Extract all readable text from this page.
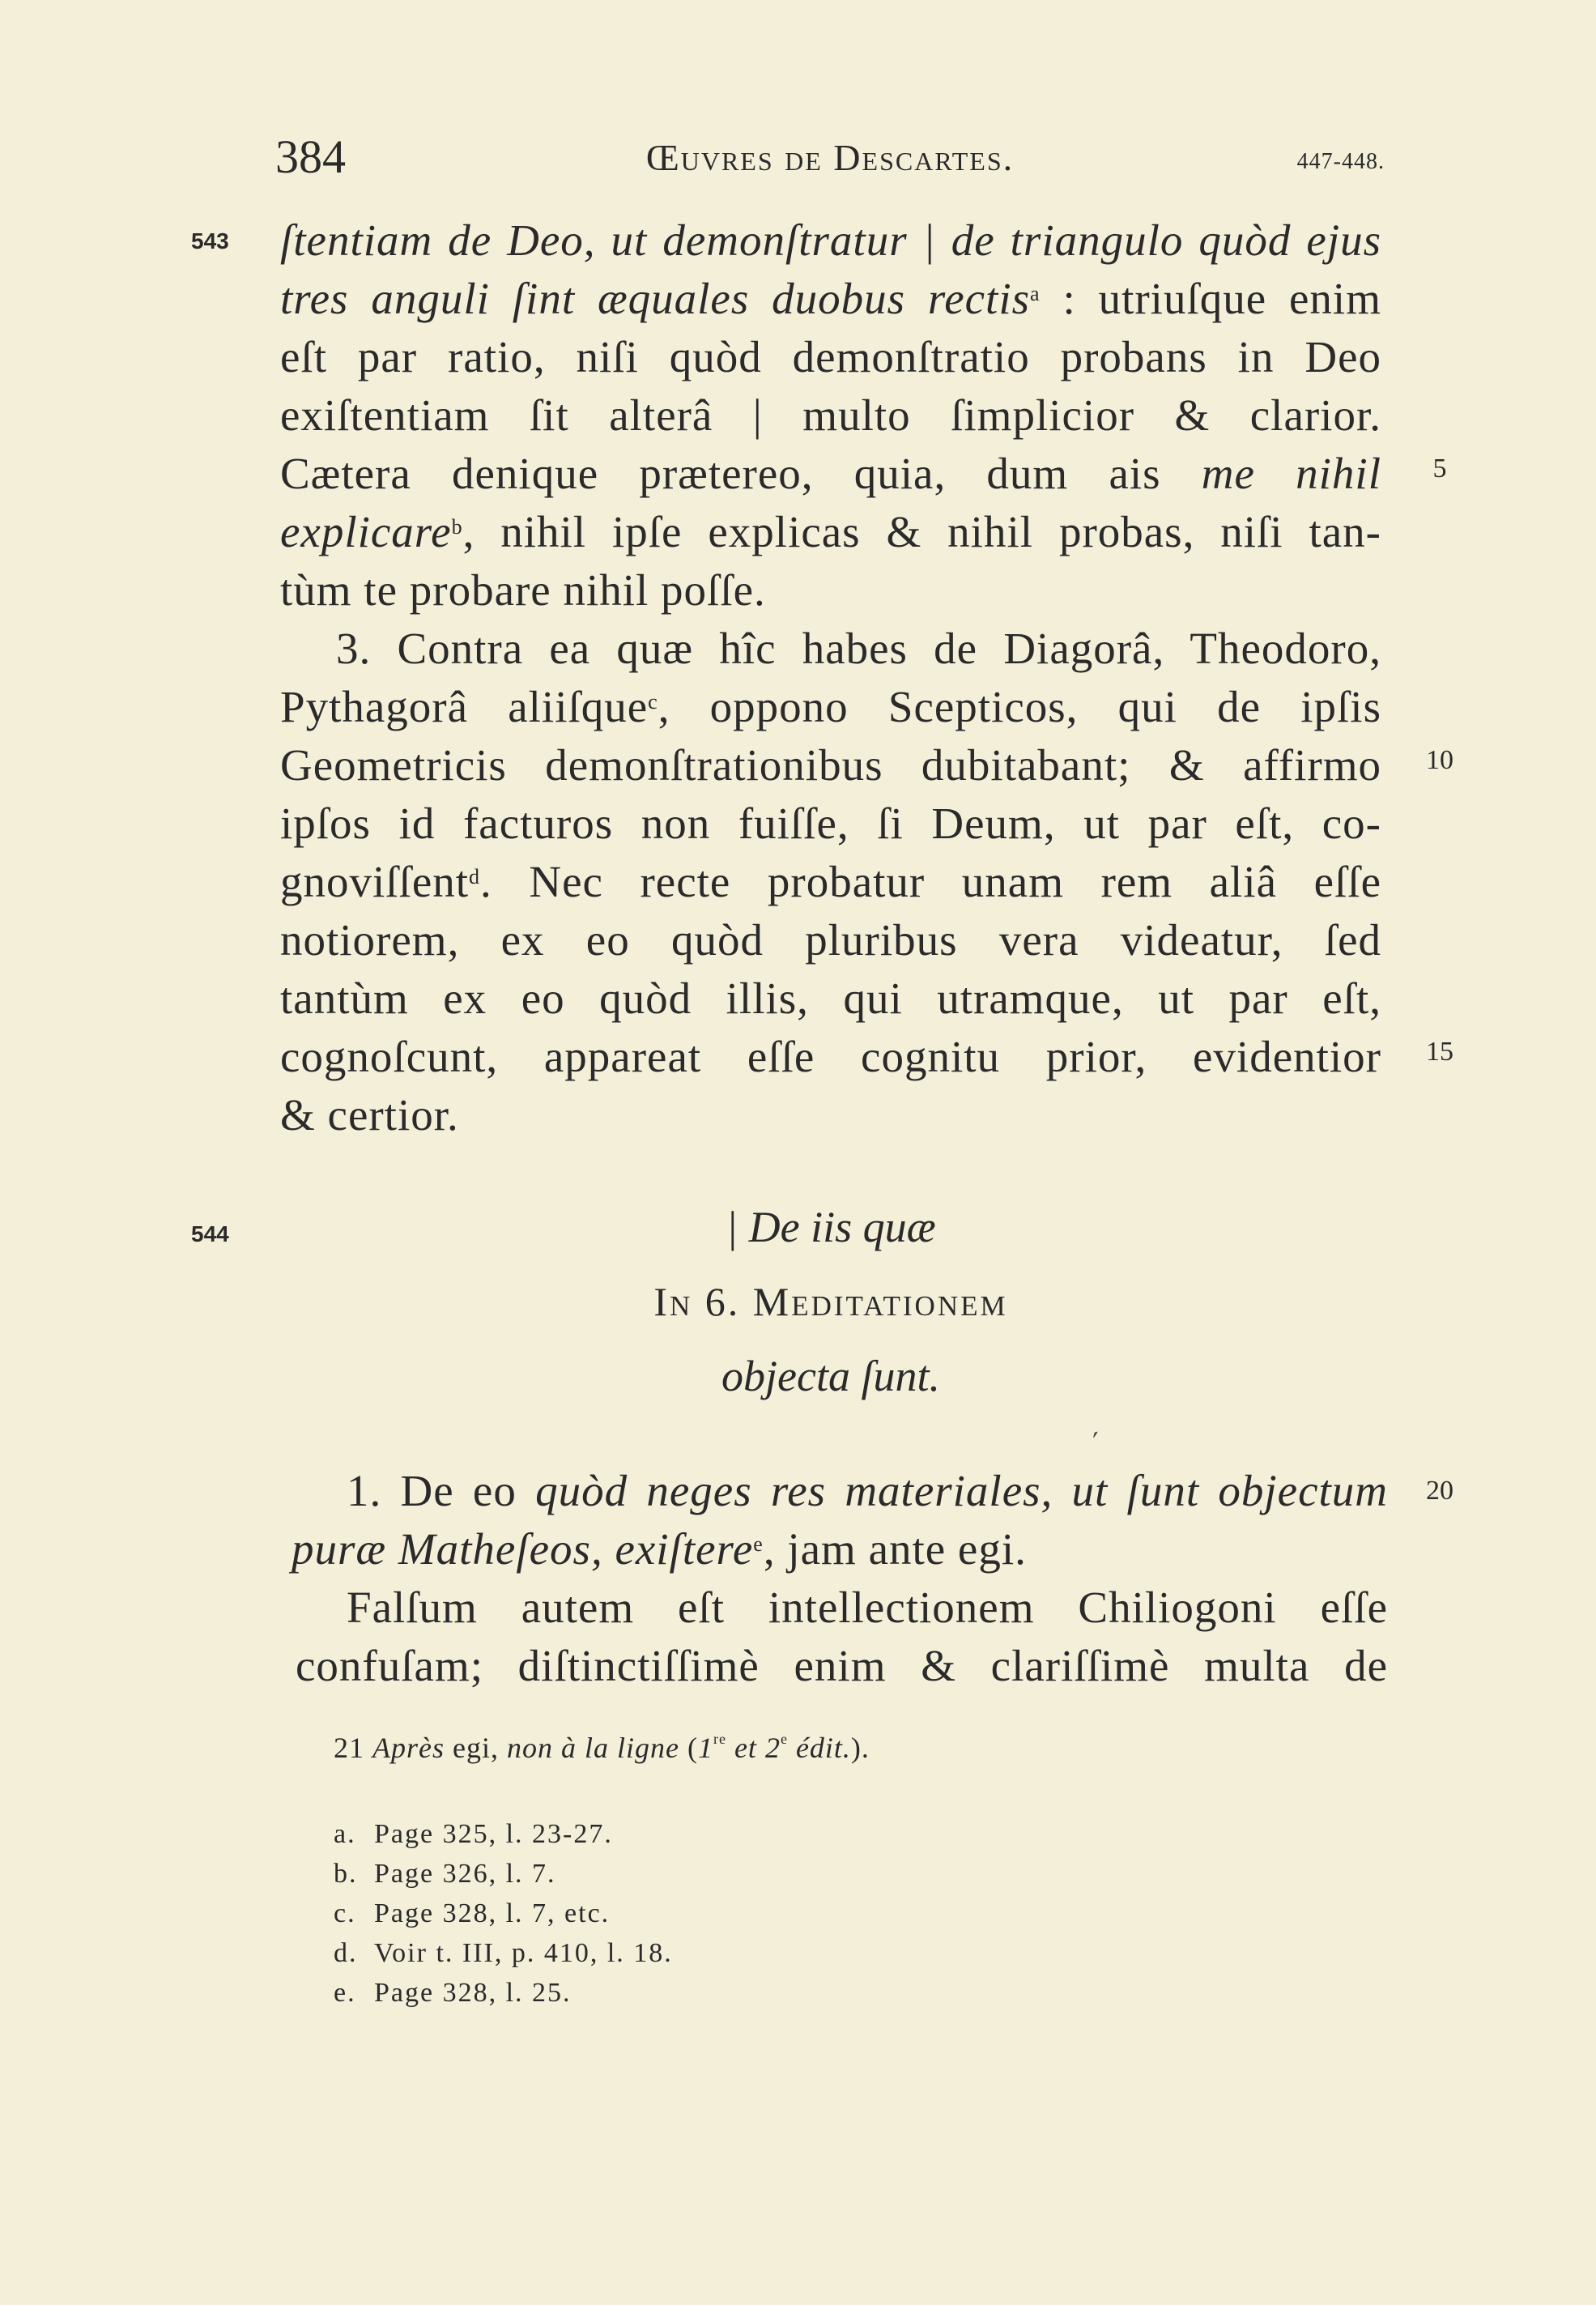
384	Œuvres de Descartes.	447-448.
543 ſtentiam de Deo, ut demonſtratur | de triangulo quòd ejus
tres anguli ſint æquales duobus rectis$^a$ : utriuſque enim
eſt par ratio, niſi quòd demonſtratio probans in Deo
exiſtentiam ſit alterâ | multo ſimplicior & clarior.
Cætera denique prætereo, quia, dum ais me nihil
explicare$^b$, nihil ipſe explicas & nihil probas, niſi tan-
tùm te probare nihil poſſe.
3. Contra ea quæ hîc habes de Diagorâ, Theodoro,
Pythagorâ aliiſque$^c$, oppono Scepticos, qui de ipſis
Geometricis demonſtrationibus dubitabant; & affirmo
ipſos id facturos non fuiſſe, ſi Deum, ut par eſt, co-
gnoviſſent$^d$. Nec recte probatur unam rem aliâ eſſe
notiorem, ex eo quòd pluribus vera videatur, ſed
tantùm ex eo quòd illis, qui utramque, ut par eſt,
cognoſcunt, appareat eſſe cognitu prior, evidentior
& certior.
5
10
15
544	| De iis quæ
In 6. Meditationem
objecta ſunt.
ˊ
1. De eo quòd neges res materiales, ut ſunt objectum
puræ Matheſeos, exiſtere$^e$, jam ante egi.
Falſum autem eſt intellectionem Chiliogoni eſſe
confuſam; diſtinctiſſimè enim & clariſſimè multa de
20
21 Après egi, non à la ligne (1re et 2e édit.).
a. Page 325, l. 23-27.
b. Page 326, l. 7.
c. Page 328, l. 7, etc.
d. Voir t. III, p. 410, l. 18.
e. Page 328, l. 25.
